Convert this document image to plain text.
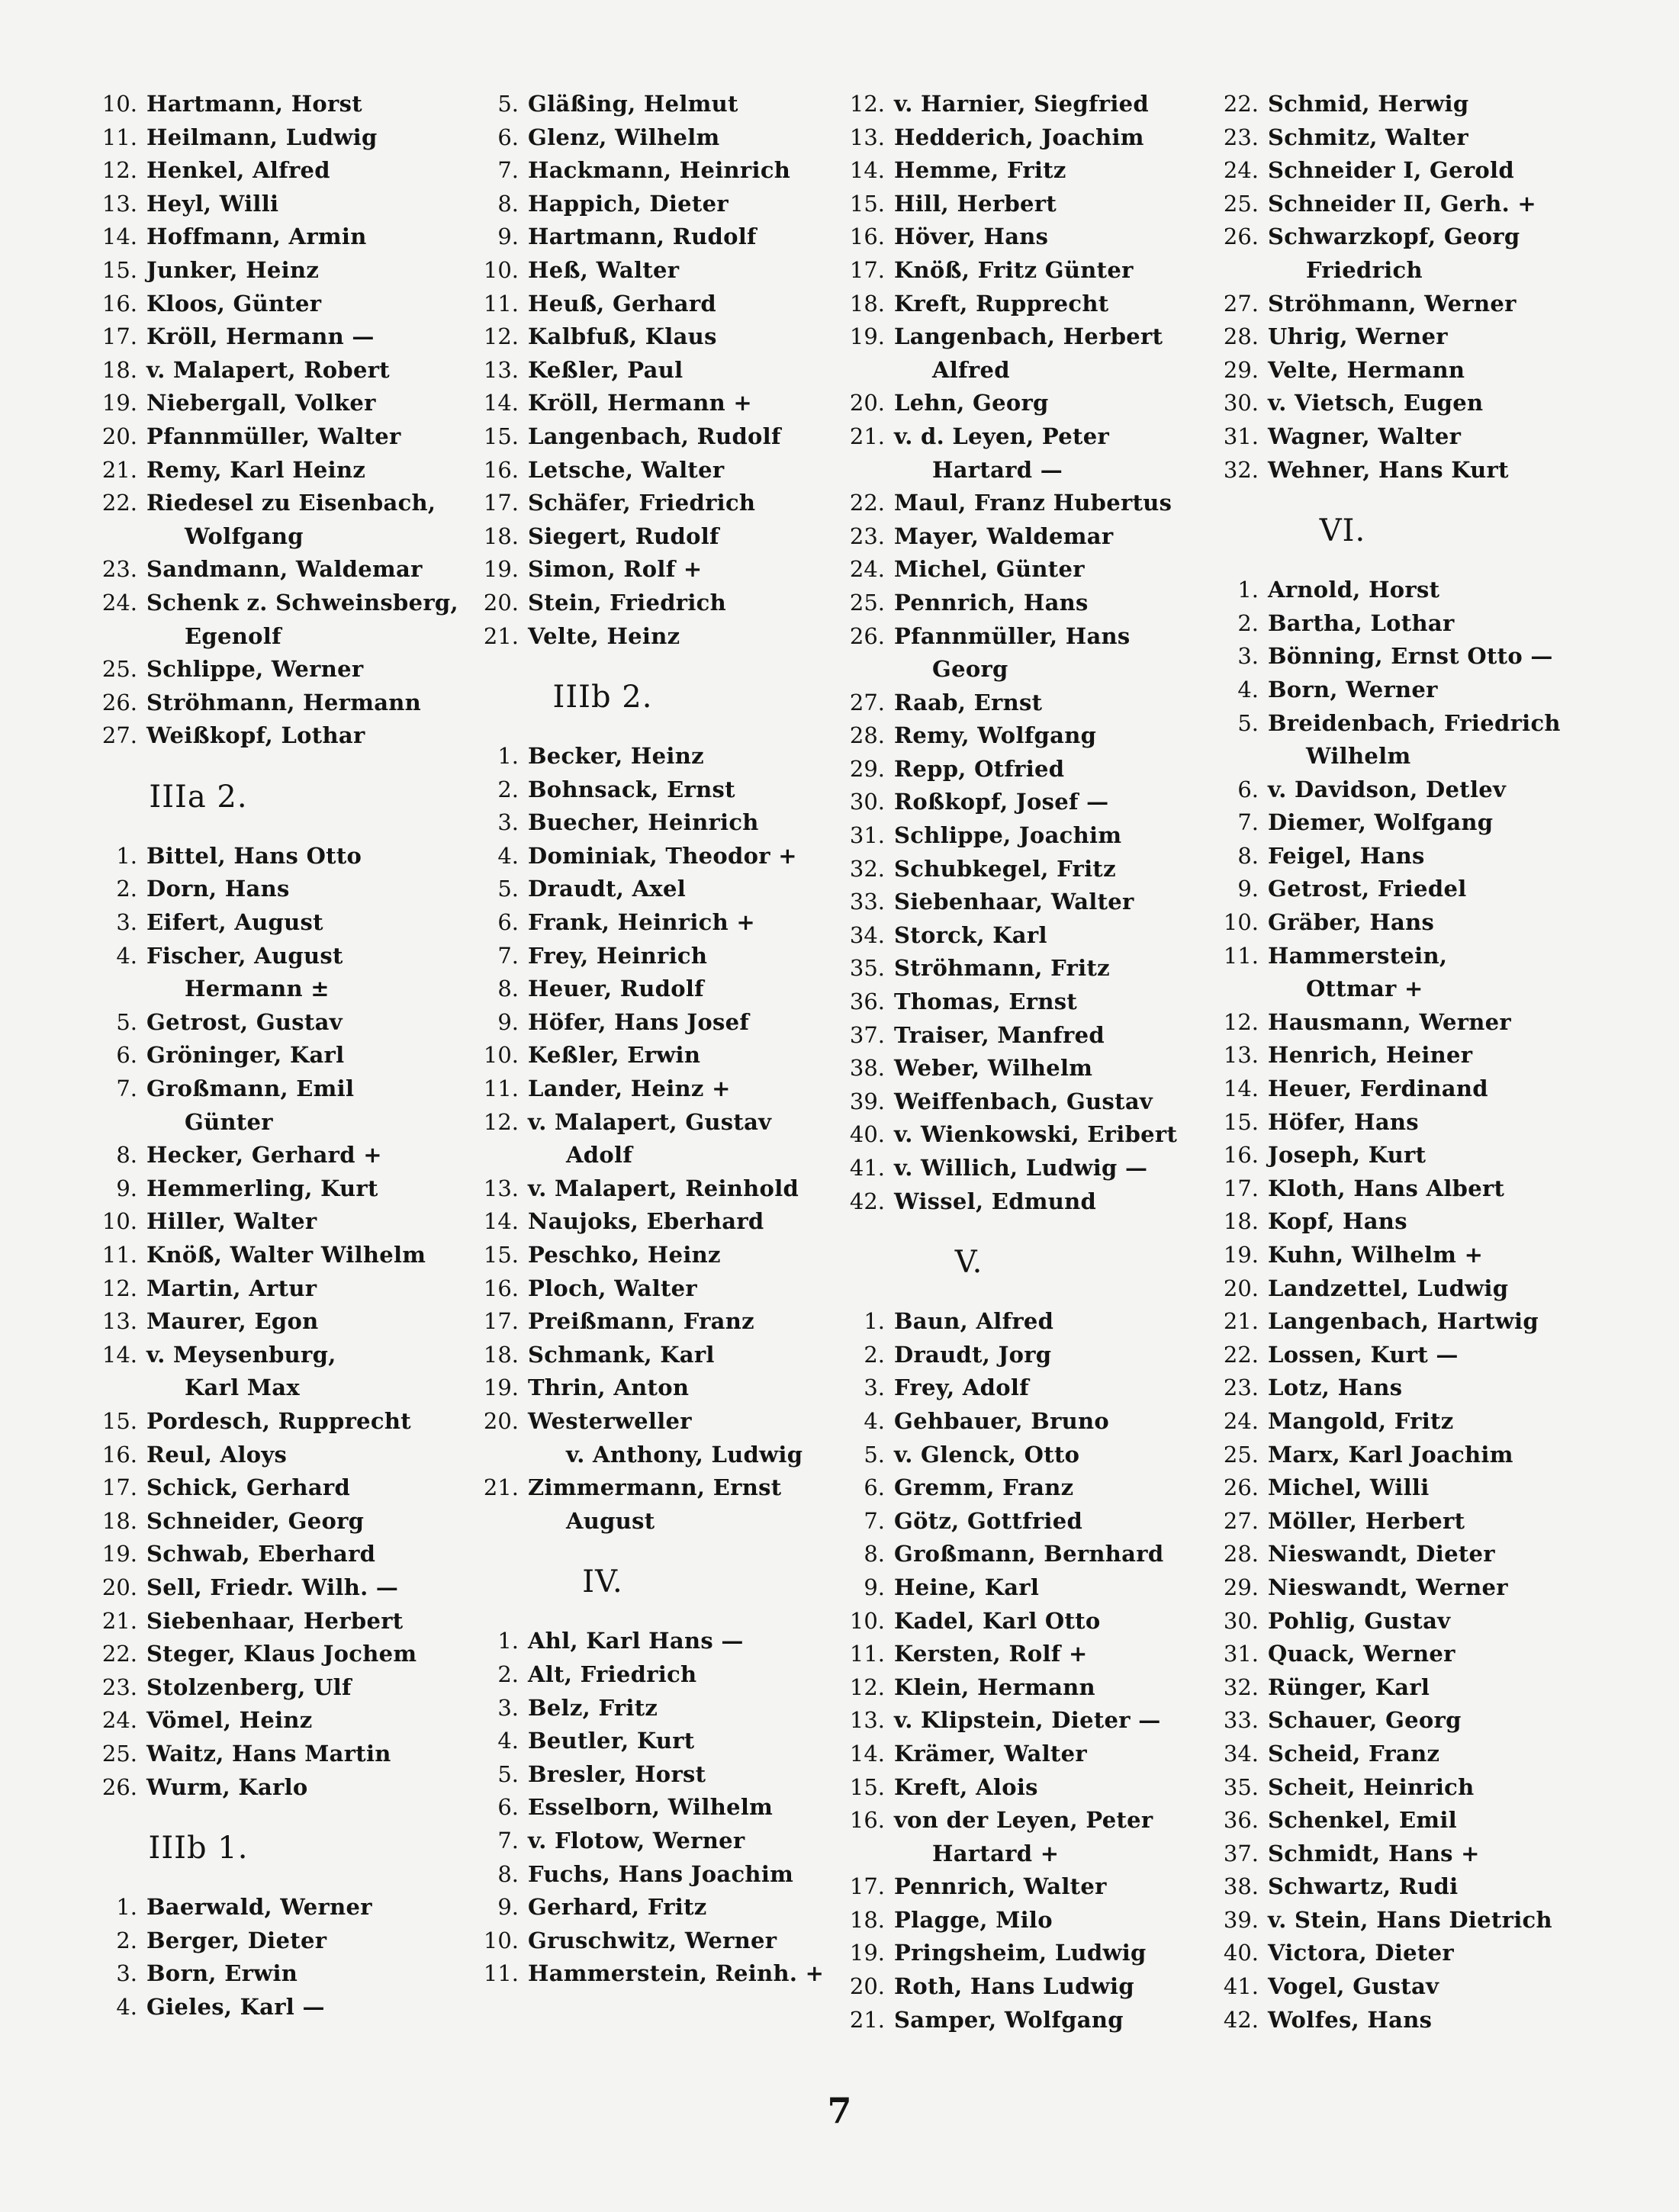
10. Hartmann, Horst
11. Heilmann, Ludwig
12. Henkel, Alfred
13. Heyl, Willi
14. Hoffmann, Armin
15. Junker, Heinz
16. Kloos, Günter
17. Kröll, Hermann —
18. v. Malapert, Robert
19. Niebergall, Volker
20. Pfannmüller, Walter
21. Remy, Karl Heinz
22. Riedesel zu Eisenbach,
Wolfgang
23. Sandmann, Waldemar
24. Schenk z. Schweinsberg,
Egenolf
25. Schlippe, Werner
26. Ströhmann, Hermann
27. Weißkopf, Lothar
IIIa 2.
1. Bittel, Hans Otto
2. Dorn, Hans
3. Eifert, August
4. Fischer, August
Hermann ±
5. Getrost, Gustav
6. Gröninger, Karl
7. Großmann, Emil
Günter
8. Hecker, Gerhard +
9. Hemmerling, Kurt
10. Hiller, Walter
11. Knöß, Walter Wilhelm
12. Martin, Artur
13. Maurer, Egon
14. v. Meysenburg,
Karl Max
15. Pordesch, Rupprecht
16. Reul, Aloys
17. Schick, Gerhard
18. Schneider, Georg
19. Schwab, Eberhard
20. Sell, Friedr. Wilh. —
21. Siebenhaar, Herbert
22. Steger, Klaus Jochem
23. Stolzenberg, Ulf
24. Vömel, Heinz
25. Waitz, Hans Martin
26. Wurm, Karlo
IIIb 1.
1. Baerwald, Werner
2. Berger, Dieter
3. Born, Erwin
4. Gieles, Karl —
5. Gläßing, Helmut
6. Glenz, Wilhelm
7. Hackmann, Heinrich
8. Happich, Dieter
9. Hartmann, Rudolf
10. Heß, Walter
11. Heuß, Gerhard
12. Kalbfuß, Klaus
13. Keßler, Paul
14. Kröll, Hermann +
15. Langenbach, Rudolf
16. Letsche, Walter
17. Schäfer, Friedrich
18. Siegert, Rudolf
19. Simon, Rolf +
20. Stein, Friedrich
21. Velte, Heinz
IIIb 2.
1. Becker, Heinz
2. Bohnsack, Ernst
3. Buecher, Heinrich
4. Dominiak, Theodor +
5. Draudt, Axel
6. Frank, Heinrich +
7. Frey, Heinrich
8. Heuer, Rudolf
9. Höfer, Hans Josef
10. Keßler, Erwin
11. Lander, Heinz +
12. v. Malapert, Gustav
Adolf
13. v. Malapert, Reinhold
14. Naujoks, Eberhard
15. Peschko, Heinz
16. Ploch, Walter
17. Preißmann, Franz
18. Schmank, Karl
19. Thrin, Anton
20. Westerweller
v. Anthony, Ludwig
21. Zimmermann, Ernst
August
IV.
1. Ahl, Karl Hans —
2. Alt, Friedrich
3. Belz, Fritz
4. Beutler, Kurt
5. Bresler, Horst
6. Esselborn, Wilhelm
7. v. Flotow, Werner
8. Fuchs, Hans Joachim
9. Gerhard, Fritz
10. Gruschwitz, Werner
11. Hammerstein, Reinh. +
12. v. Harnier, Siegfried
13. Hedderich, Joachim
14. Hemme, Fritz
15. Hill, Herbert
16. Höver, Hans
17. Knöß, Fritz Günter
18. Kreft, Rupprecht
19. Langenbach, Herbert
Alfred
20. Lehn, Georg
21. v. d. Leyen, Peter
Hartard —
22. Maul, Franz Hubertus
23. Mayer, Waldemar
24. Michel, Günter
25. Pennrich, Hans
26. Pfannmüller, Hans
Georg
27. Raab, Ernst
28. Remy, Wolfgang
29. Repp, Otfried
30. Roßkopf, Josef —
31. Schlippe, Joachim
32. Schubkegel, Fritz
33. Siebenhaar, Walter
34. Storck, Karl
35. Ströhmann, Fritz
36. Thomas, Ernst
37. Traiser, Manfred
38. Weber, Wilhelm
39. Weiffenbach, Gustav
40. v. Wienkowski, Eribert
41. v. Willich, Ludwig —
42. Wissel, Edmund
V.
1. Baun, Alfred
2. Draudt, Jorg
3. Frey, Adolf
4. Gehbauer, Bruno
5. v. Glenck, Otto
6. Gremm, Franz
7. Götz, Gottfried
8. Großmann, Bernhard
9. Heine, Karl
10. Kadel, Karl Otto
11. Kersten, Rolf +
12. Klein, Hermann
13. v. Klipstein, Dieter —
14. Krämer, Walter
15. Kreft, Alois
16. von der Leyen, Peter
Hartard +
17. Pennrich, Walter
18. Plagge, Milo
19. Pringsheim, Ludwig
20. Roth, Hans Ludwig
21. Samper, Wolfgang
22. Schmid, Herwig
23. Schmitz, Walter
24. Schneider I, Gerold
25. Schneider II, Gerh. +
26. Schwarzkopf, Georg
Friedrich
27. Ströhmann, Werner
28. Uhrig, Werner
29. Velte, Hermann
30. v. Vietsch, Eugen
31. Wagner, Walter
32. Wehner, Hans Kurt
VI.
1. Arnold, Horst
2. Bartha, Lothar
3. Bönning, Ernst Otto —
4. Born, Werner
5. Breidenbach, Friedrich
Wilhelm
6. v. Davidson, Detlev
7. Diemer, Wolfgang
8. Feigel, Hans
9. Getrost, Friedel
10. Gräber, Hans
11. Hammerstein,
Ottmar +
12. Hausmann, Werner
13. Henrich, Heiner
14. Heuer, Ferdinand
15. Höfer, Hans
16. Joseph, Kurt
17. Kloth, Hans Albert
18. Kopf, Hans
19. Kuhn, Wilhelm +
20. Landzettel, Ludwig
21. Langenbach, Hartwig
22. Lossen, Kurt —
23. Lotz, Hans
24. Mangold, Fritz
25. Marx, Karl Joachim
26. Michel, Willi
27. Möller, Herbert
28. Nieswandt, Dieter
29. Nieswandt, Werner
30. Pohlig, Gustav
31. Quack, Werner
32. Rünger, Karl
33. Schauer, Georg
34. Scheid, Franz
35. Scheit, Heinrich
36. Schenkel, Emil
37. Schmidt, Hans +
38. Schwartz, Rudi
39. v. Stein, Hans Dietrich
40. Victora, Dieter
41. Vogel, Gustav
42. Wolfes, Hans
7
